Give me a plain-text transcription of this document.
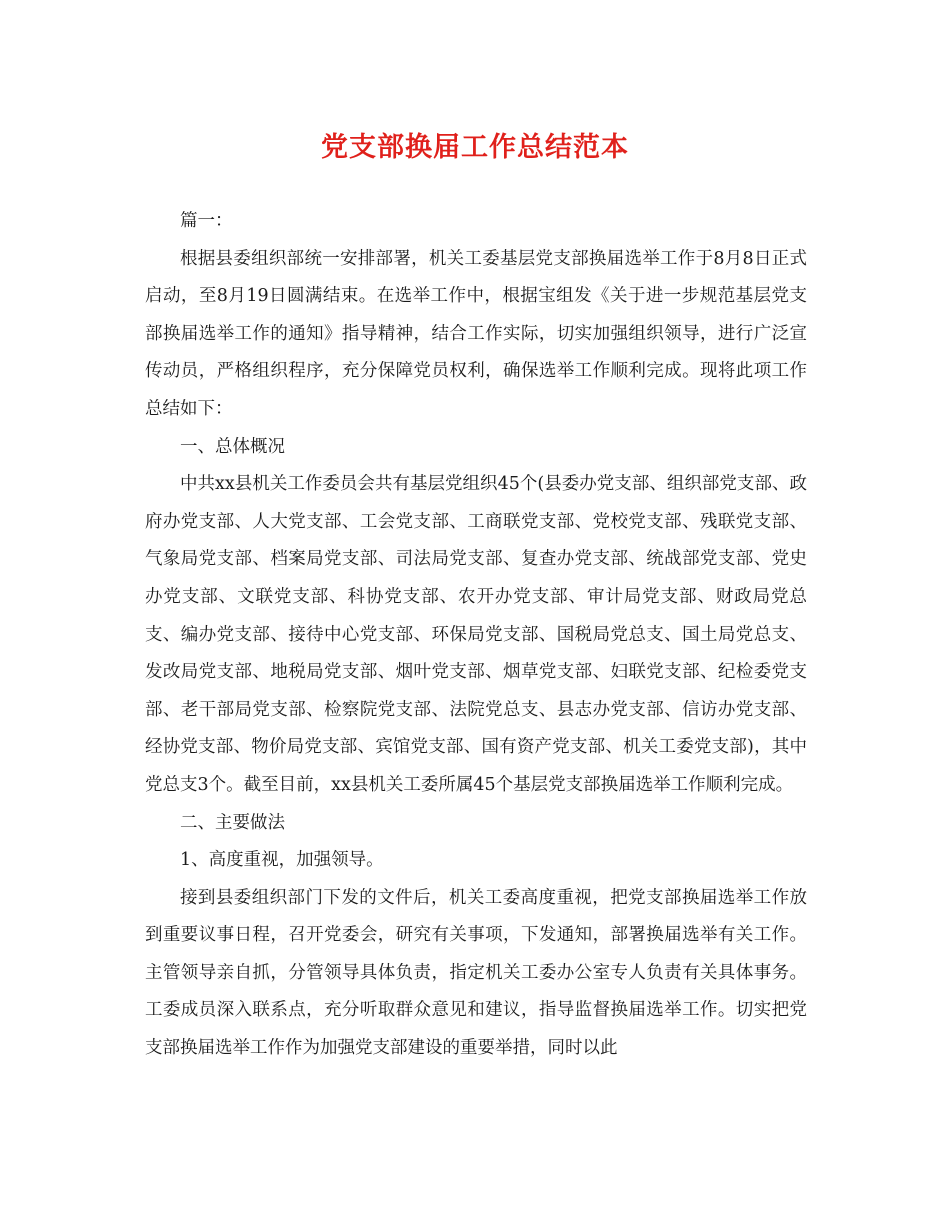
党支部换届工作总结范本

篇一：

根据县委组织部统一安排部署，机关工委基层党支部换届选举工作于8月8日正式启动，至8月19日圆满结束。在选举工作中，根据宝组发《关于进一步规范基层党支部换届选举工作的通知》指导精神，结合工作实际，切实加强组织领导，进行广泛宣传动员，严格组织程序，充分保障党员权利，确保选举工作顺利完成。现将此项工作总结如下：

一、总体概况

中共xx县机关工作委员会共有基层党组织45个(县委办党支部、组织部党支部、政府办党支部、人大党支部、工会党支部、工商联党支部、党校党支部、残联党支部、气象局党支部、档案局党支部、司法局党支部、复查办党支部、统战部党支部、党史办党支部、文联党支部、科协党支部、农开办党支部、审计局党支部、财政局党总支、编办党支部、接待中心党支部、环保局党支部、国税局党总支、国土局党总支、发改局党支部、地税局党支部、烟叶党支部、烟草党支部、妇联党支部、纪检委党支部、老干部局党支部、检察院党支部、法院党总支、县志办党支部、信访办党支部、经协党支部、物价局党支部、宾馆党支部、国有资产党支部、机关工委党支部)，其中党总支3个。截至目前，xx县机关工委所属45个基层党支部换届选举工作顺利完成。

二、主要做法

1、高度重视，加强领导。

接到县委组织部门下发的文件后，机关工委高度重视，把党支部换届选举工作放到重要议事日程，召开党委会，研究有关事项，下发通知，部署换届选举有关工作。主管领导亲自抓，分管领导具体负责，指定机关工委办公室专人负责有关具体事务。工委成员深入联系点，充分听取群众意见和建议，指导监督换届选举工作。切实把党支部换届选举工作作为加强党支部建设的重要举措，同时以此
